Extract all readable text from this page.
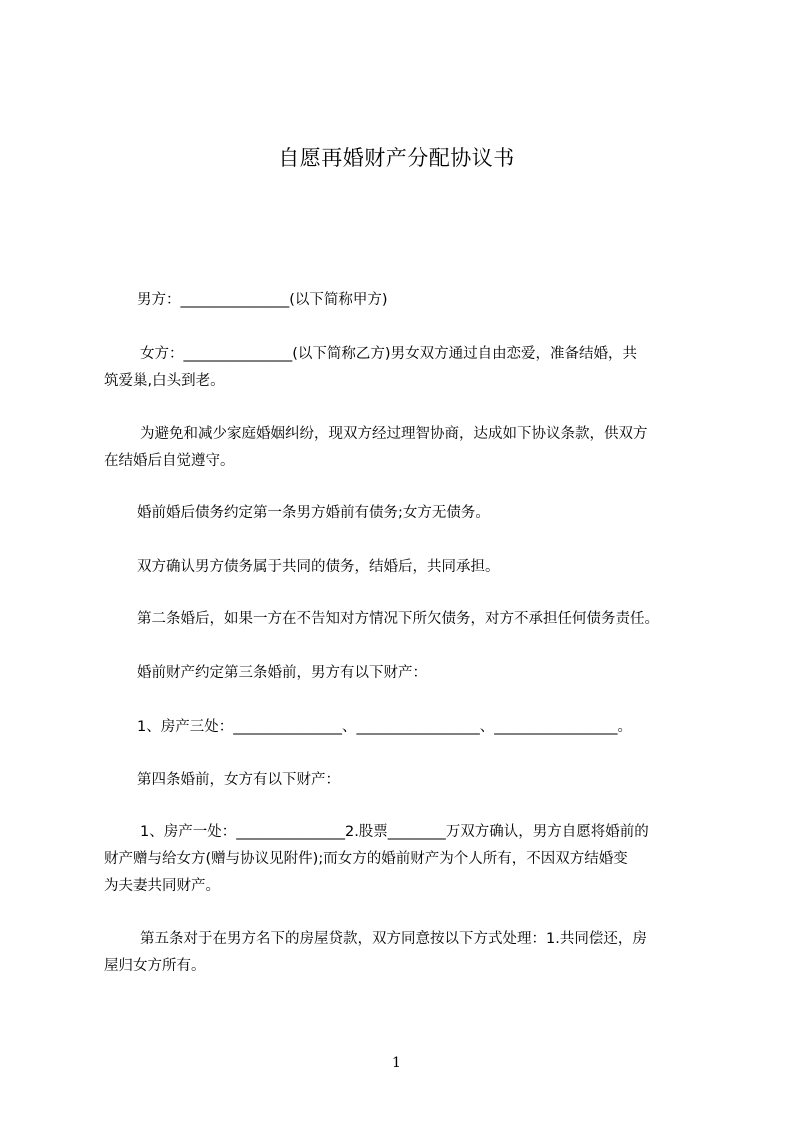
自愿再婚财产分配协议书

男方：_______________(以下简称甲方)

女方：_______________(以下简称乙方)男女双方通过自由恋爱，准备结婚，共
筑爱巢,白头到老。

为避免和减少家庭婚姻纠纷，现双方经过理智协商，达成如下协议条款，供双方
在结婚后自觉遵守。

婚前婚后债务约定第一条男方婚前有债务;女方无债务。

双方确认男方债务属于共同的债务，结婚后，共同承担。

第二条婚后，如果一方在不告知对方情况下所欠债务，对方不承担任何债务责任。

婚前财产约定第三条婚前，男方有以下财产：

1、房产三处：_______________、_________________、_________________。

第四条婚前，女方有以下财产：

1、房产一处：_______________2.股票________万双方确认，男方自愿将婚前的
财产赠与给女方(赠与协议见附件);而女方的婚前财产为个人所有，不因双方结婚变
为夫妻共同财产。

第五条对于在男方名下的房屋贷款，双方同意按以下方式处理：1.共同偿还，房
屋归女方所有。

1
